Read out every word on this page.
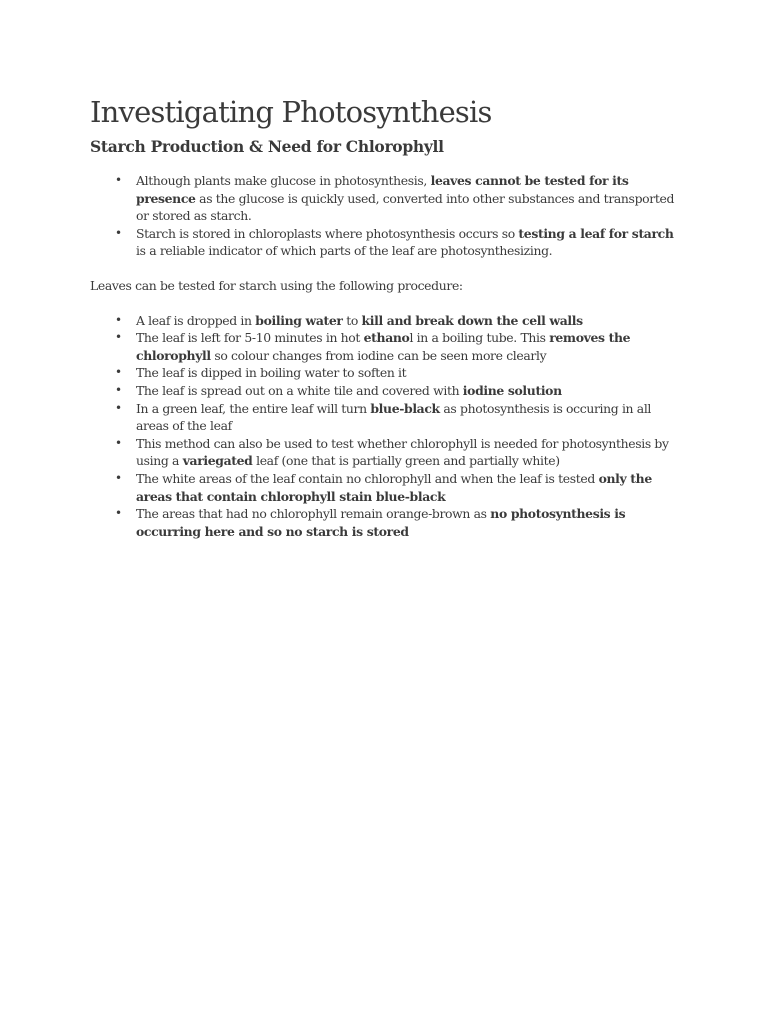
Investigating Photosynthesis
Starch Production & Need for Chlorophyll
• Although plants make glucose in photosynthesis, leaves cannot be tested for its presence as the glucose is quickly used, converted into other substances and transported or stored as starch.
• Starch is stored in chloroplasts where photosynthesis occurs so testing a leaf for starch is a reliable indicator of which parts of the leaf are photosynthesizing.

Leaves can be tested for starch using the following procedure:

• A leaf is dropped in boiling water to kill and break down the cell walls
• The leaf is left for 5-10 minutes in hot ethanol in a boiling tube. This removes the chlorophyll so colour changes from iodine can be seen more clearly
• The leaf is dipped in boiling water to soften it
• The leaf is spread out on a white tile and covered with iodine solution
• In a green leaf, the entire leaf will turn blue-black as photosynthesis is occuring in all areas of the leaf
• This method can also be used to test whether chlorophyll is needed for photosynthesis by using a variegated leaf (one that is partially green and partially white)
• The white areas of the leaf contain no chlorophyll and when the leaf is tested only the areas that contain chlorophyll stain blue-black
• The areas that had no chlorophyll remain orange-brown as no photosynthesis is occurring here and so no starch is stored
